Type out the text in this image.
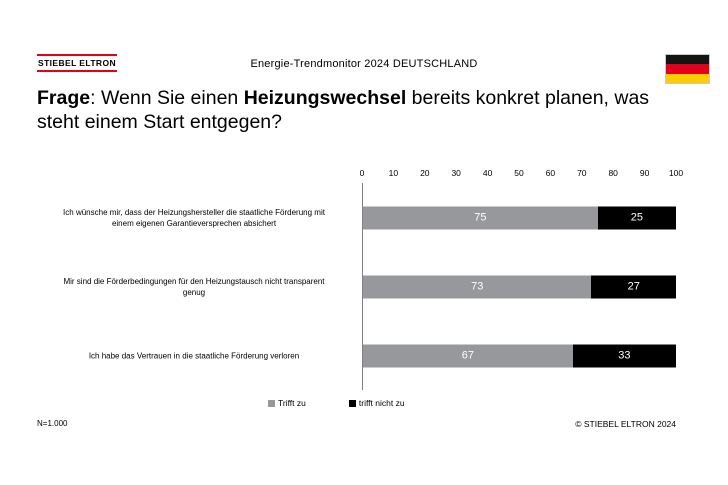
STIEBEL ELTRON	Energie-Trendmonitor 2024 DEUTSCHLAND
Frage: Wenn Sie einen Heizungswechsel bereits konkret planen, was steht einem Start entgegen?
0	10	20	30	40	50	60	70	80	90 100
Ich wünsche mir, dass der Heizungshersteller die staatliche Förderung mit
einem eigenen Garantieversprechen absichert	75	25
Mir sind die Förderbedingungen für den Heizungstausch nicht transparent
genug	73	27
Ich habe das Vertrauen in die staatliche Förderung verloren	67	33
Trifft zu	trifft nicht zu
N=1.000	© STIEBEL ELTRON 2024
